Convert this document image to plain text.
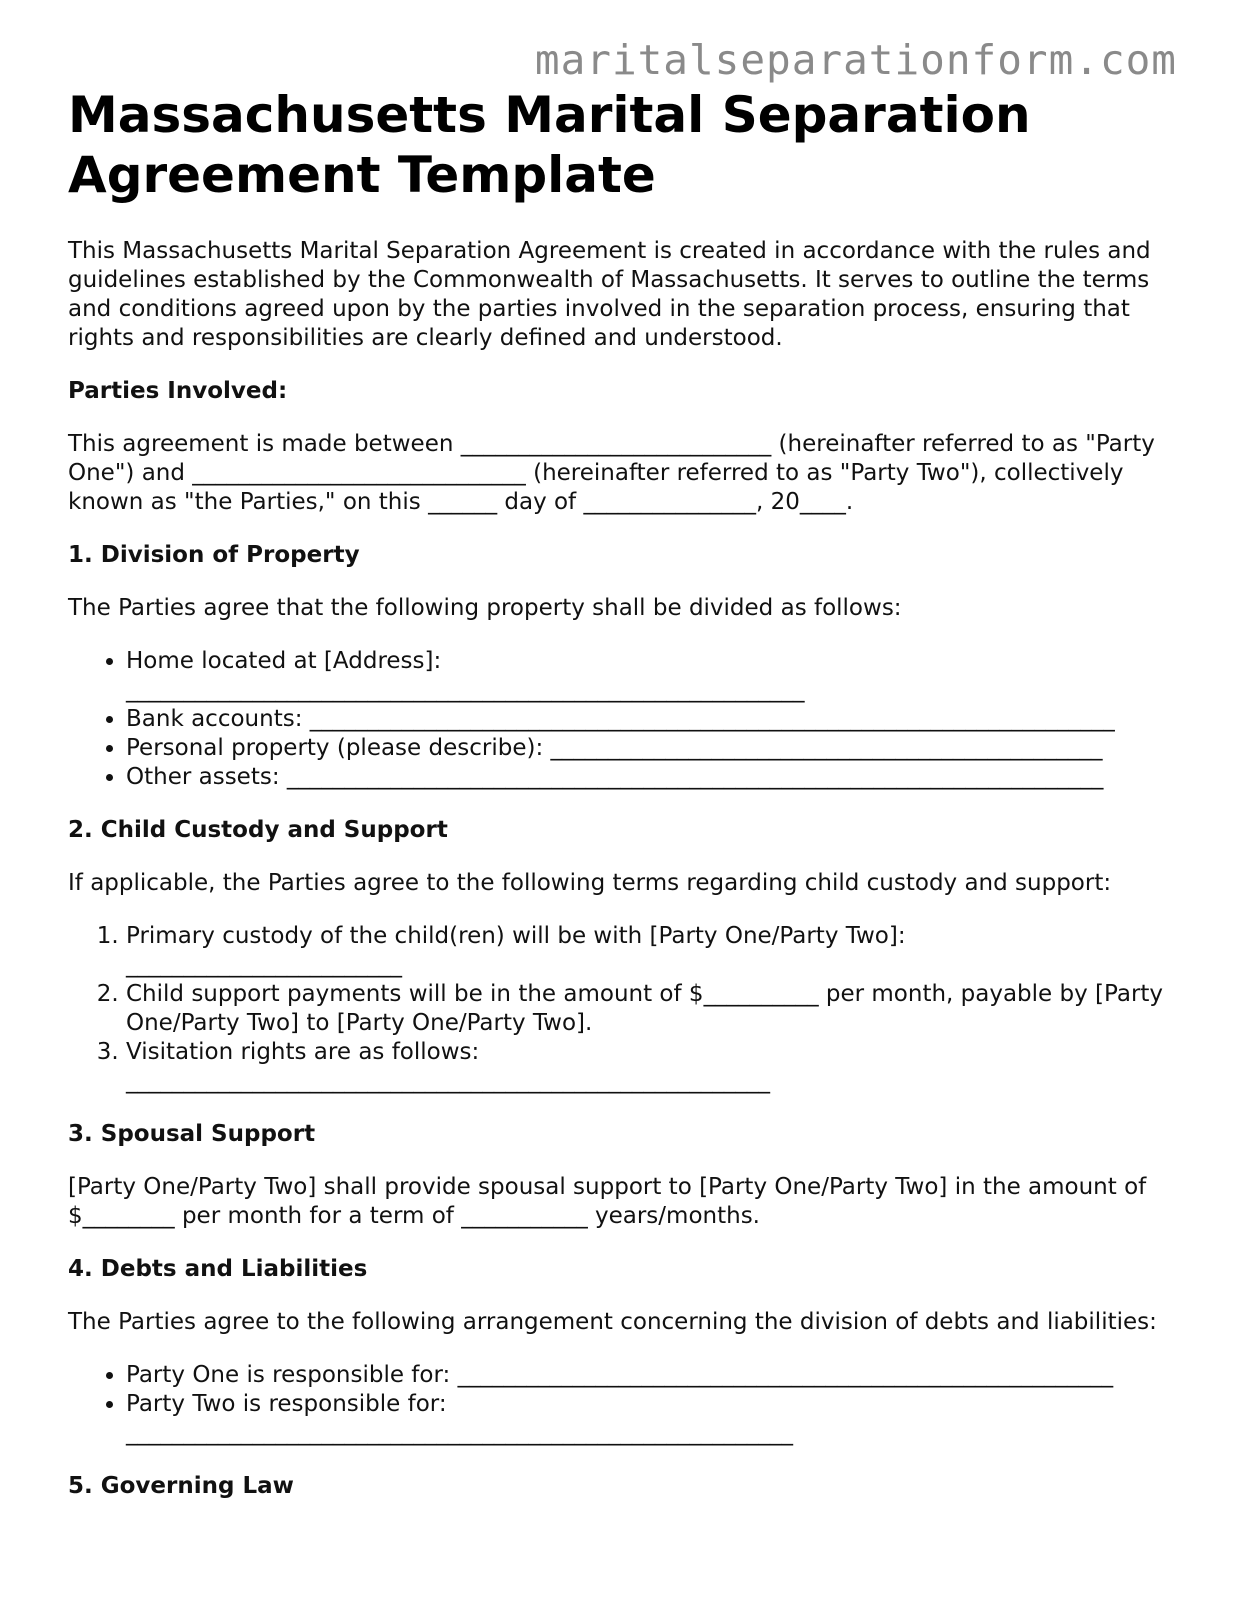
maritalseparationform.com
Massachusetts Marital Separation Agreement Template

This Massachusetts Marital Separation Agreement is created in accordance with the rules and guidelines established by the Commonwealth of Massachusetts. It serves to outline the terms and conditions agreed upon by the parties involved in the separation process, ensuring that rights and responsibilities are clearly defined and understood.

Parties Involved:

This agreement is made between ___________________________ (hereinafter referred to as "Party One") and _____________________________ (hereinafter referred to as "Party Two"), collectively known as "the Parties," on this ______ day of _______________, 20____.

1. Division of Property

The Parties agree that the following property shall be divided as follows:

• Home located at [Address]:
___________________________________________________________
• Bank accounts: ______________________________________________________________________
• Personal property (please describe): ________________________________________________
• Other assets: _______________________________________________________________________

2. Child Custody and Support

If applicable, the Parties agree to the following terms regarding child custody and support:

1. Primary custody of the child(ren) will be with [Party One/Party Two]:
________________________
2. Child support payments will be in the amount of $__________ per month, payable by [Party One/Party Two] to [Party One/Party Two].
3. Visitation rights are as follows:
________________________________________________________

3. Spousal Support

[Party One/Party Two] shall provide spousal support to [Party One/Party Two] in the amount of $________ per month for a term of ___________ years/months.

4. Debts and Liabilities

The Parties agree to the following arrangement concerning the division of debts and liabilities:

• Party One is responsible for: _________________________________________________________
• Party Two is responsible for:
__________________________________________________________

5. Governing Law
